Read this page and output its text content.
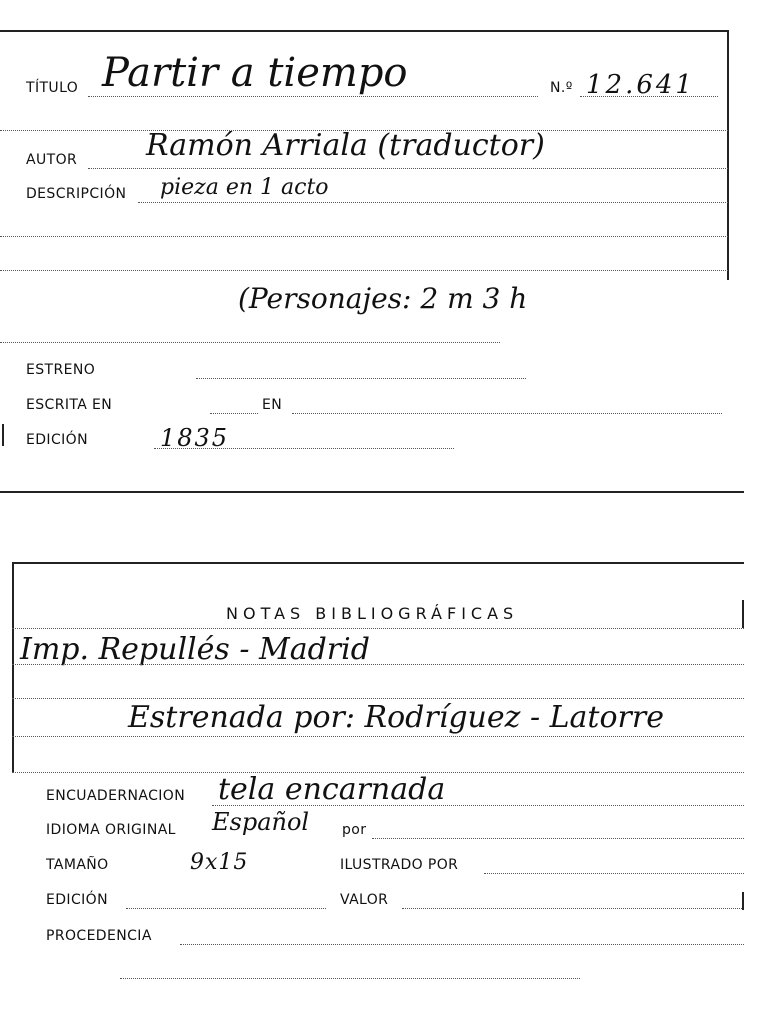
TÍTULO Partir a tiempo	N.º 12.641
AUTOR Ramón Arriala (traductor)
DESCRIPCIÓN pieza en 1 acto
(Personajes: 2 m 3 h
ESTRENO
ESCRITA EN	EN
EDICIÓN	1835
NOTAS BIBLIOGRÁFICAS
Imp. Repullés - Madrid
Estrenada por: Rodríguez - Latorre
ENCUADERNACION tela encarnada
IDIOMA ORIGINAL Español por
TAMAÑO	9x15	ILUSTRADO POR
EDICIÓN	VALOR
PROCEDENCIA
